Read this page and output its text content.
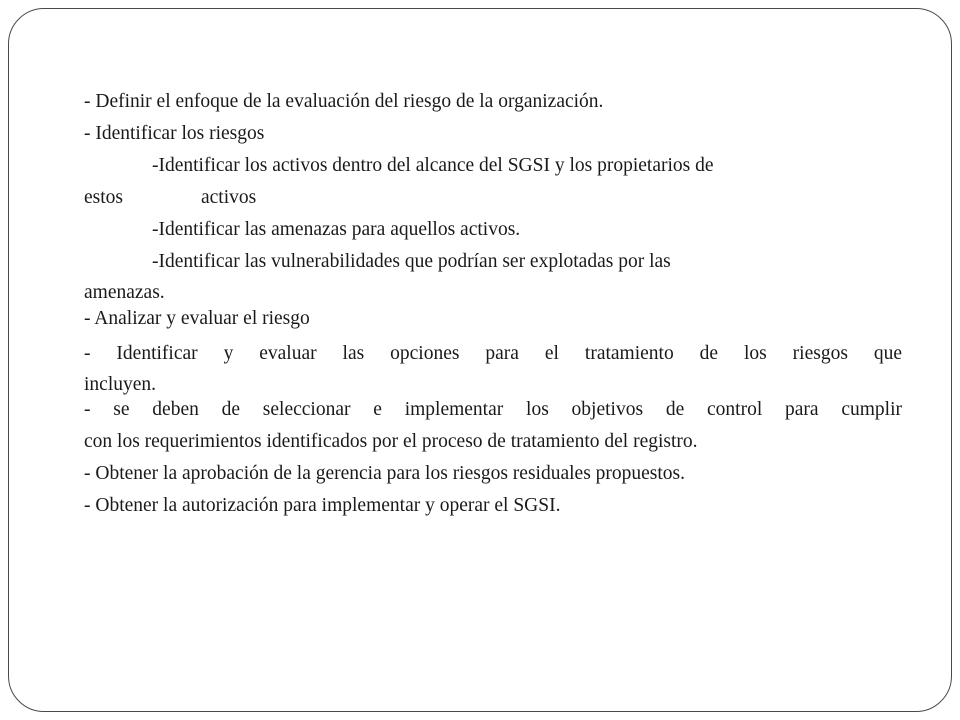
- Definir el enfoque de la evaluación del riesgo de la organización.
- Identificar los riesgos
-Identificar los activos dentro del alcance del SGSI y los propietarios de
estos	activos
-Identificar las amenazas para aquellos activos.
-Identificar las vulnerabilidades que podrían ser explotadas por las
amenazas.
- Analizar y evaluar el riesgo
- Identificar y evaluar las opciones para el tratamiento de los riesgos que
incluyen.
- se deben de seleccionar e implementar los objetivos de control para cumplir
con los requerimientos identificados por el proceso de tratamiento del registro.
- Obtener la aprobación de la gerencia para los riesgos residuales propuestos.
- Obtener la autorización para implementar y operar el SGSI.
